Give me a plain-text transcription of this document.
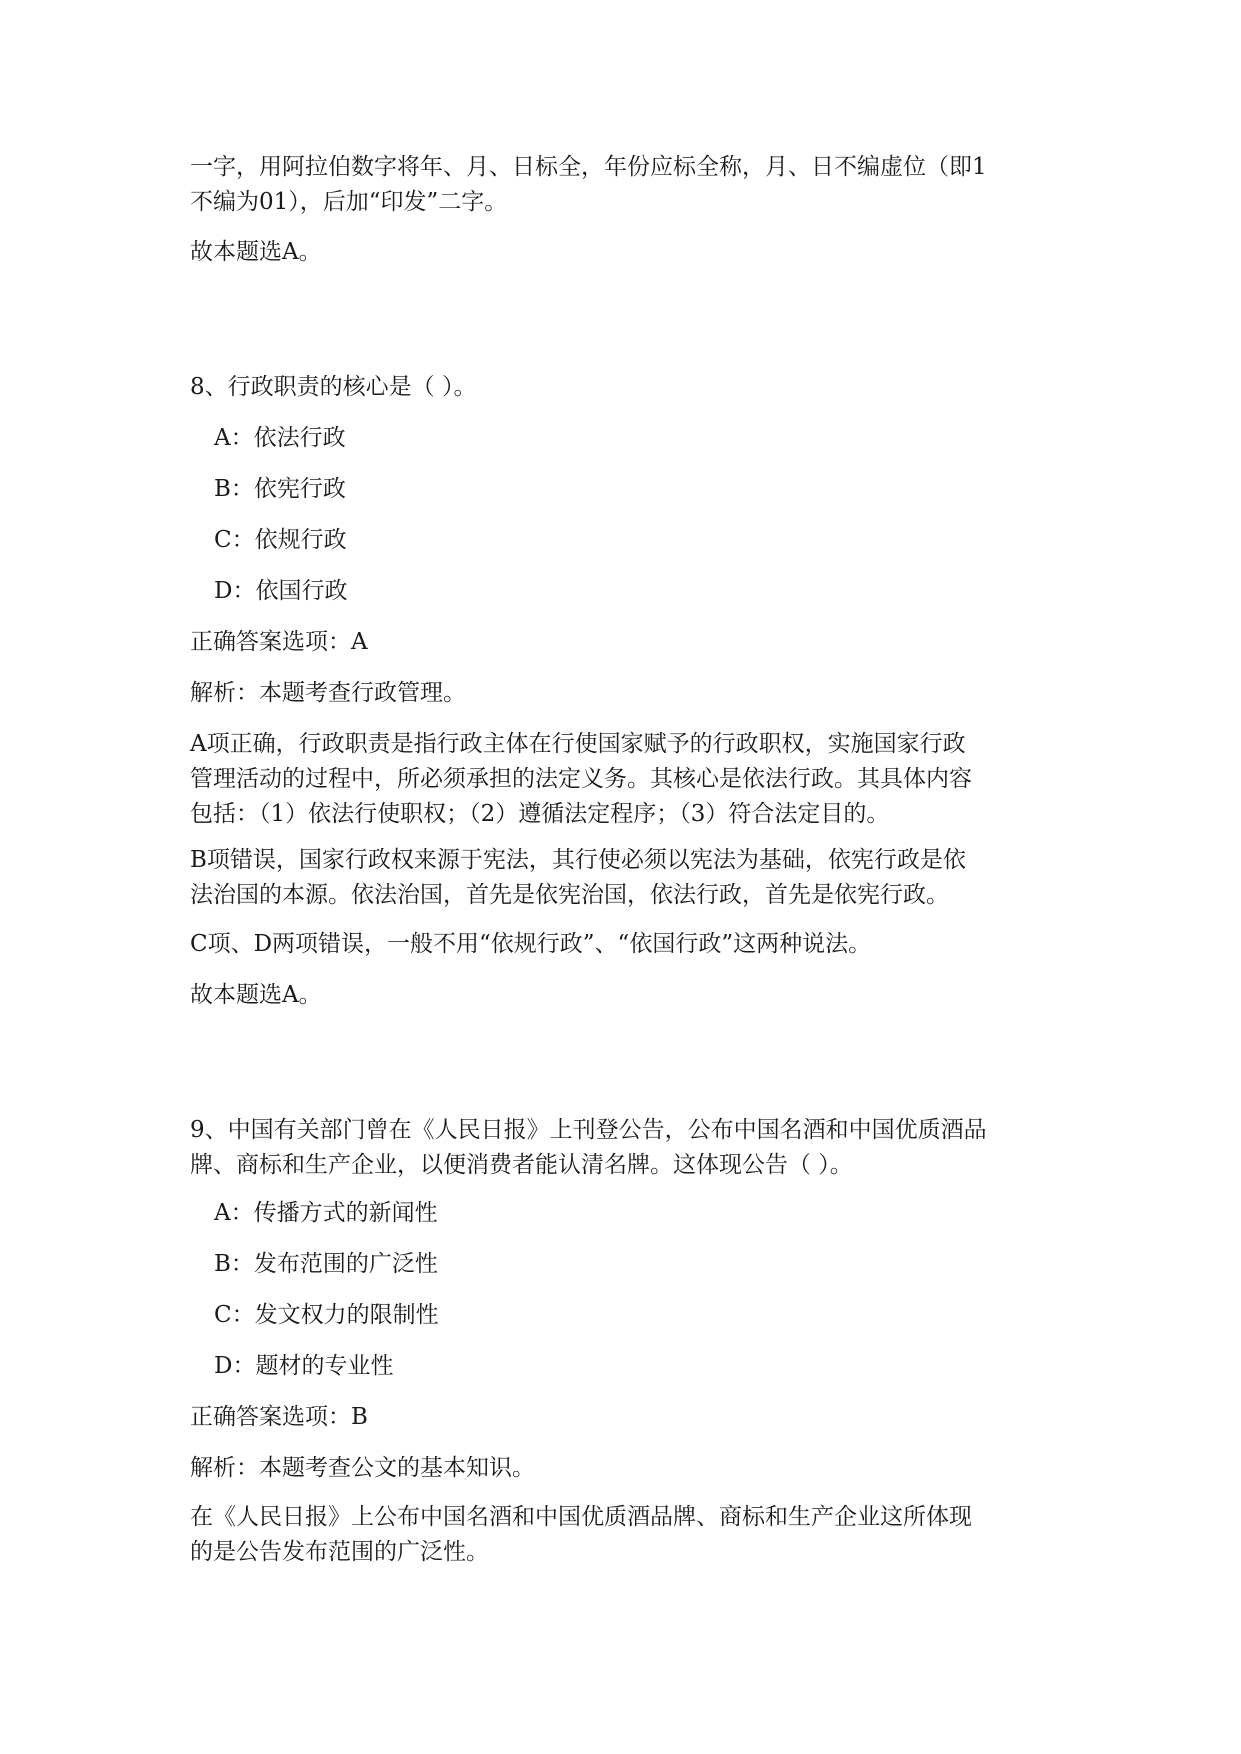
一字，用阿拉伯数字将年、月、日标全，年份应标全称，月、日不编虚位（即1

不编为01），后加“印发”二字。

故本题选A。

8、行政职责的核心是（ ）。

A：依法行政

B：依宪行政

C：依规行政

D：依国行政

正确答案选项：A

解析：本题考查行政管理。

A项正确，行政职责是指行政主体在行使国家赋予的行政职权，实施国家行政

管理活动的过程中，所必须承担的法定义务。其核心是依法行政。其具体内容

包括：（1）依法行使职权；（2）遵循法定程序；（3）符合法定目的。

B项错误，国家行政权来源于宪法，其行使必须以宪法为基础，依宪行政是依

法治国的本源。依法治国，首先是依宪治国，依法行政，首先是依宪行政。

C项、D两项错误，一般不用“依规行政”、“依国行政”这两种说法。

故本题选A。

9、中国有关部门曾在《人民日报》上刊登公告，公布中国名酒和中国优质酒品

牌、商标和生产企业，以便消费者能认清名牌。这体现公告（ ）。

A：传播方式的新闻性

B：发布范围的广泛性

C：发文权力的限制性

D：题材的专业性

正确答案选项：B

解析：本题考查公文的基本知识。

在《人民日报》上公布中国名酒和中国优质酒品牌、商标和生产企业这所体现

的是公告发布范围的广泛性。
